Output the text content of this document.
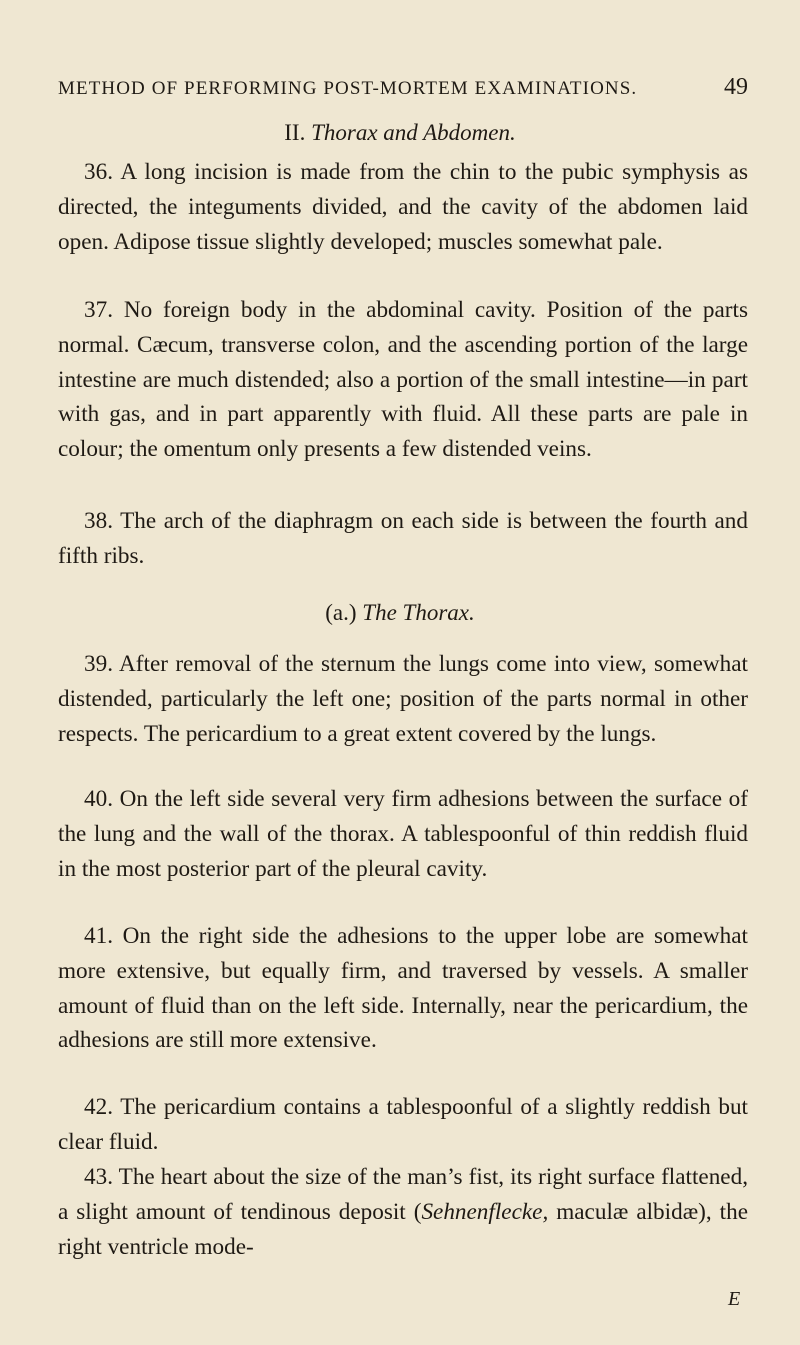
METHOD OF PERFORMING POST-MORTEM EXAMINATIONS.	49
II. Thorax and Abdomen.

36. A long incision is made from the chin to the pubic symphysis as directed, the integuments divided, and the cavity of the abdomen laid open. Adipose tissue slightly developed; muscles somewhat pale.

37. No foreign body in the abdominal cavity. Position of the parts normal. Cæcum, transverse colon, and the ascending portion of the large intestine are much distended; also a portion of the small intestine—in part with gas, and in part apparently with fluid. All these parts are pale in colour; the omentum only presents a few distended veins.

38. The arch of the diaphragm on each side is between the fourth and fifth ribs.

(a.) The Thorax.

39. After removal of the sternum the lungs come into view, somewhat distended, particularly the left one; position of the parts normal in other respects. The pericardium to a great extent covered by the lungs.

40. On the left side several very firm adhesions between the surface of the lung and the wall of the thorax. A tablespoonful of thin reddish fluid in the most posterior part of the pleural cavity.

41. On the right side the adhesions to the upper lobe are somewhat more extensive, but equally firm, and traversed by vessels. A smaller amount of fluid than on the left side. Internally, near the pericardium, the adhesions are still more extensive.

42. The pericardium contains a tablespoonful of a slightly reddish but clear fluid.

43. The heart about the size of the man’s fist, its right surface flattened, a slight amount of tendinous deposit (Sehnenflecke, maculæ albidæ), the right ventricle mode-

E
